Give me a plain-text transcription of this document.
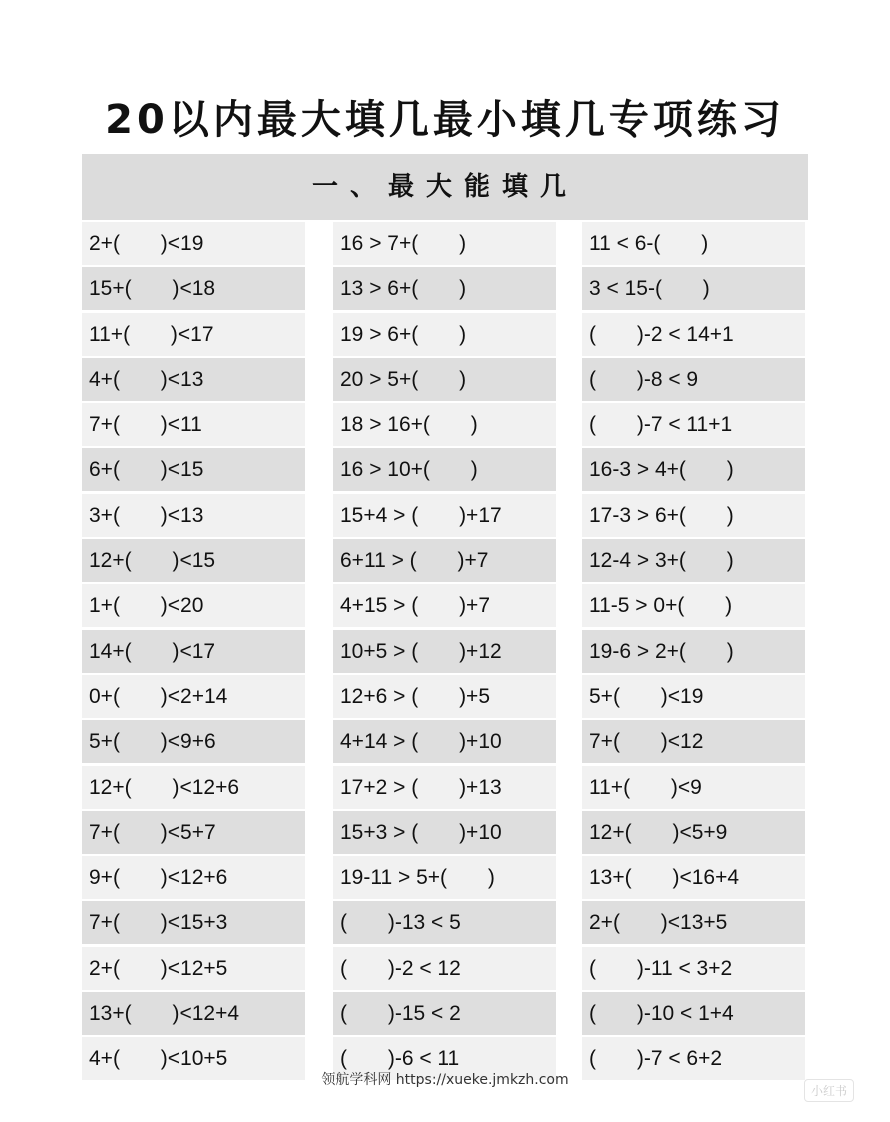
20以内最大填几最小填几专项练习
一、最大能填几
2+(       )<19
15+(       )<18
11+(       )<17
4+(       )<13
7+(       )<11
6+(       )<15
3+(       )<13
12+(       )<15
1+(       )<20
14+(       )<17
0+(       )<2+14
5+(       )<9+6
12+(       )<12+6
7+(       )<5+7
9+(       )<12+6
7+(       )<15+3
2+(       )<12+5
13+(       )<12+4
4+(       )<10+5
16 > 7+(       )
13 > 6+(       )
19 > 6+(       )
20 > 5+(       )
18 > 16+(       )
16 > 10+(       )
15+4 > (       )+17
6+11 > (       )+7
4+15 > (       )+7
10+5 > (       )+12
12+6 > (       )+5
4+14 > (       )+10
17+2 > (       )+13
15+3 > (       )+10
19-11 > 5+(       )
(       )-13 < 5
(       )-2 < 12
(       )-15 < 2
(       )-6 < 11
11 < 6-(       )
3 < 15-(       )
(       )-2 < 14+1
(       )-8 < 9
(       )-7 < 11+1
16-3 > 4+(       )
17-3 > 6+(       )
12-4 > 3+(       )
11-5 > 0+(       )
19-6 > 2+(       )
5+(       )<19
7+(       )<12
11+(       )<9
12+(       )<5+9
13+(       )<16+4
2+(       )<13+5
(       )-11 < 3+2
(       )-10 < 1+4
(       )-7 < 6+2
领航学科网 https://xueke.jmkzh.com
小红书
